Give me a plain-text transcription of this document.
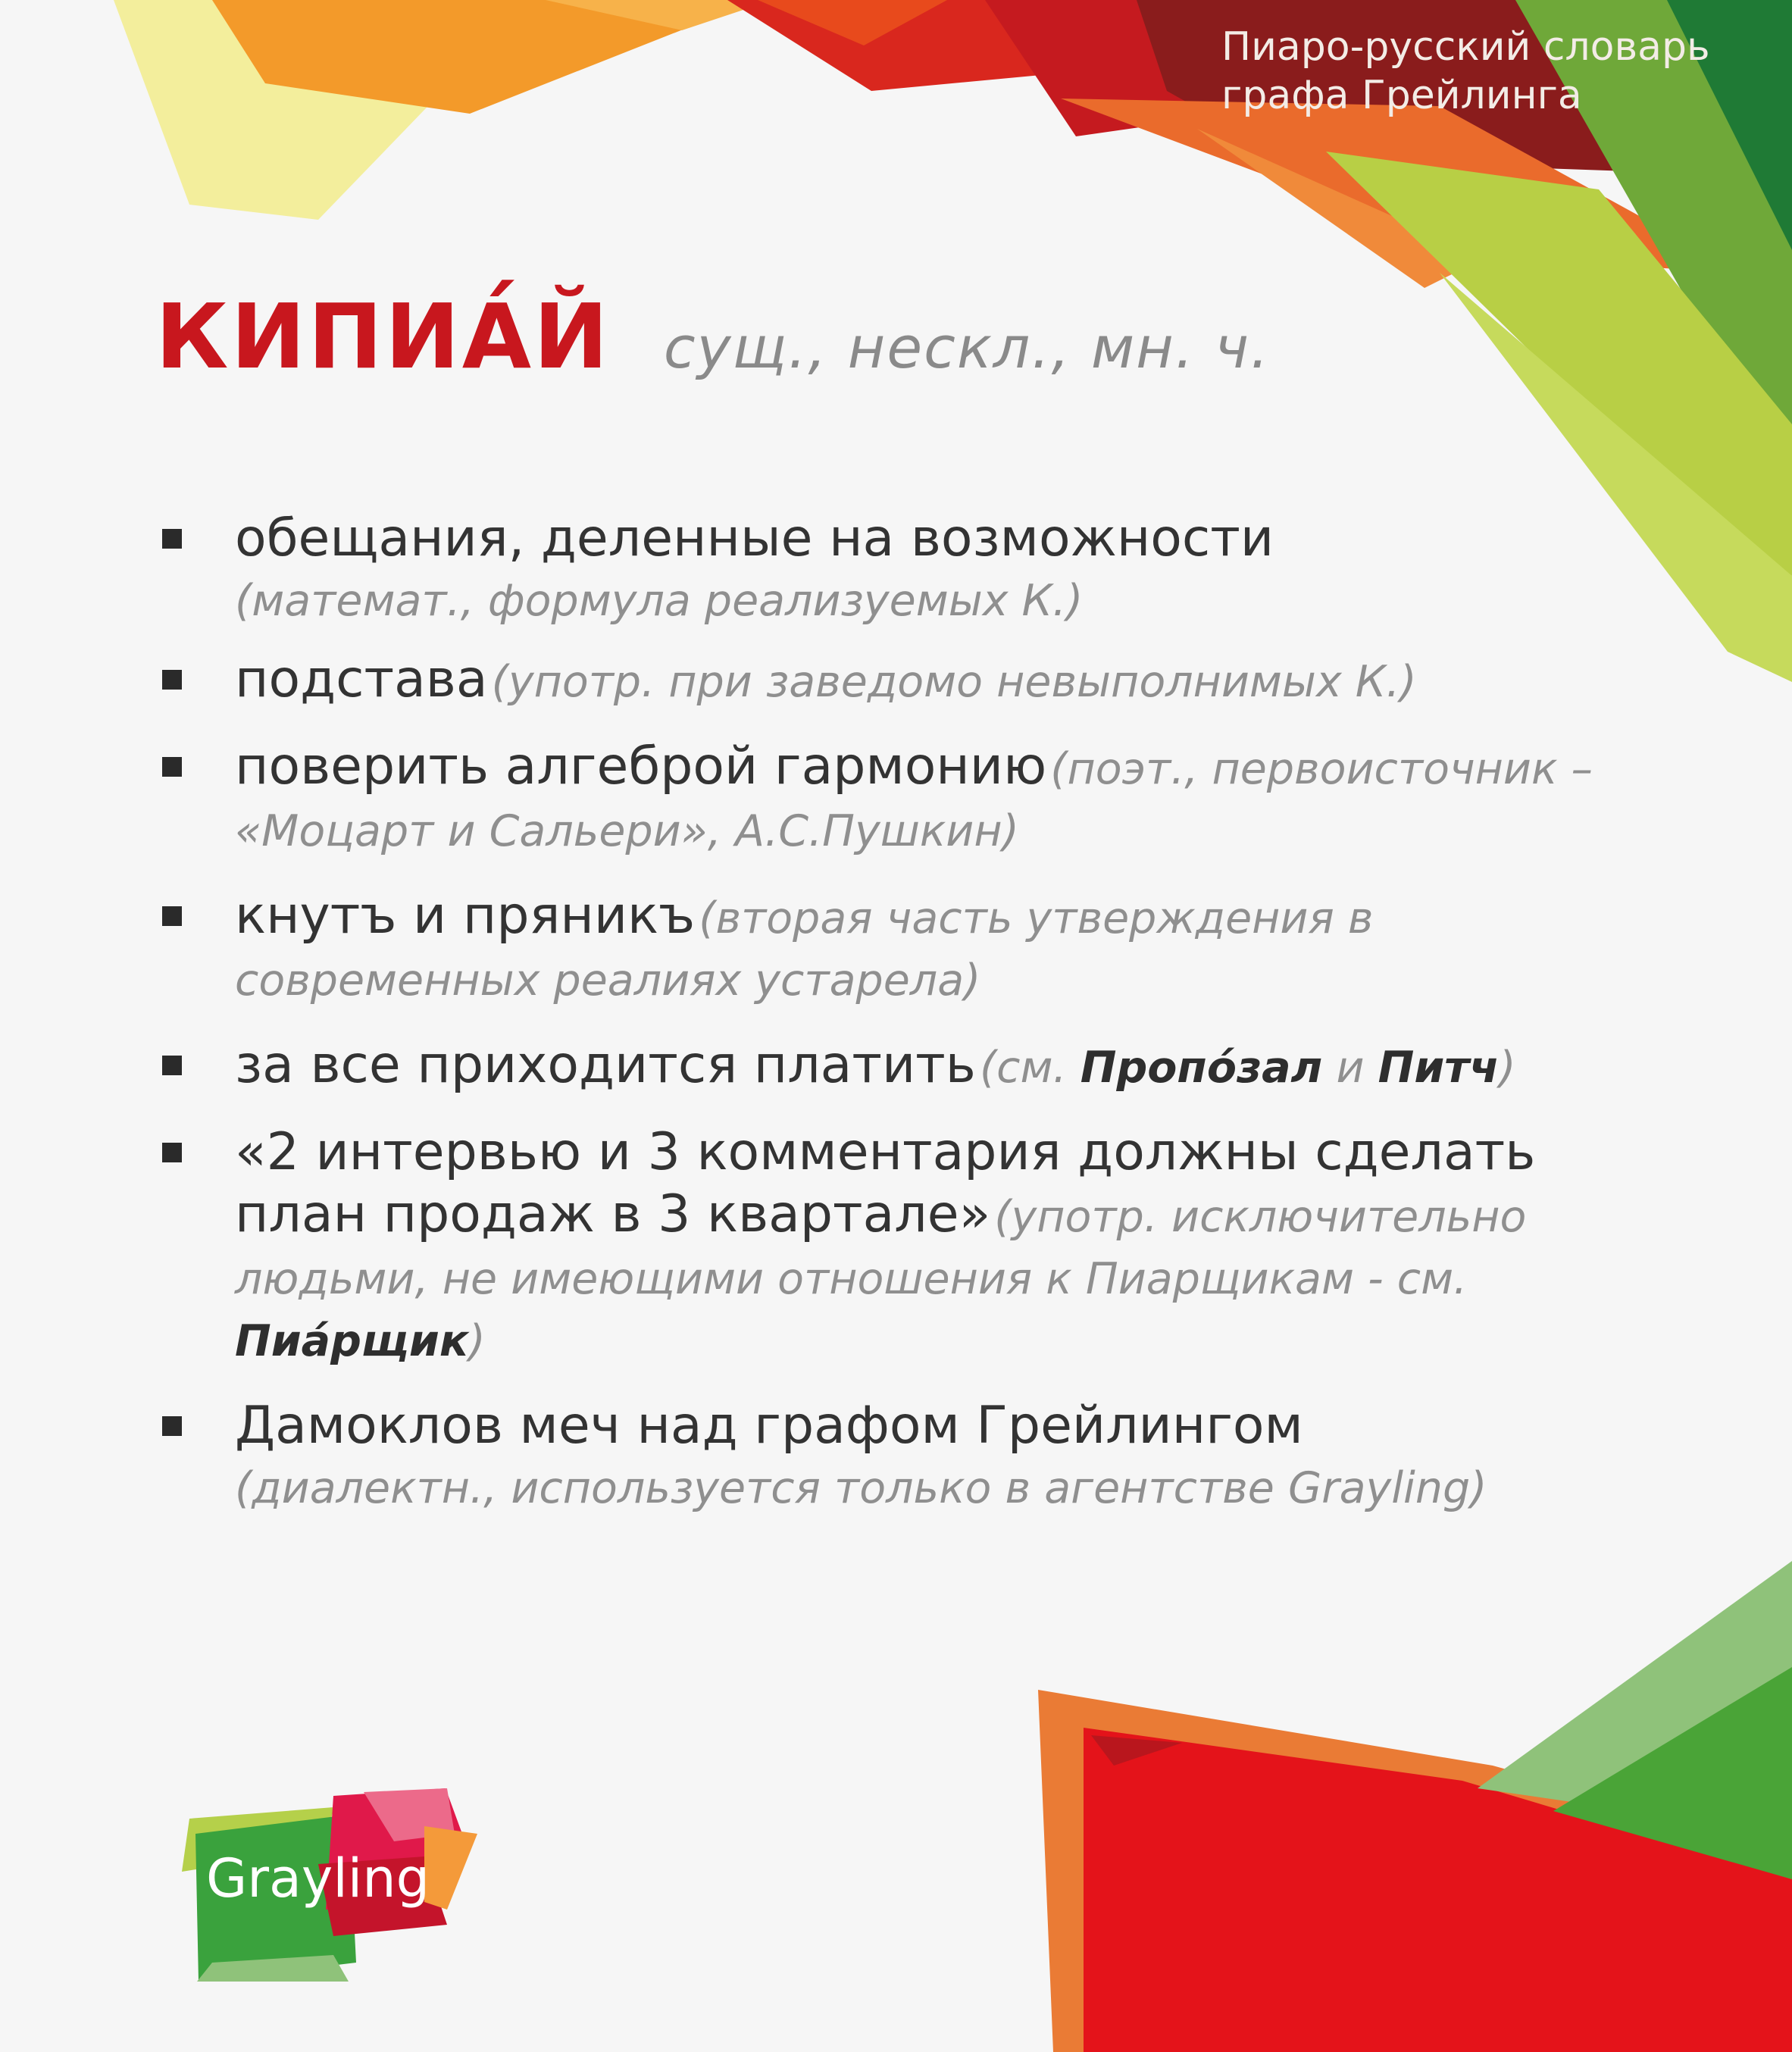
Пиаро-русский словарь
графа Грейлинга
КИПИА́Й сущ., нескл., мн. ч.
обещания, деленные на возможности
(математ., формула реализуемых К.)
подстава (употр. при заведомо невыполнимых К.)
поверить алгеброй гармонию (поэт., первоисточник – «Моцарт и Сальери», А.С.Пушкин)
кнутъ и пряникъ (вторая часть утверждения в современных реалиях устарела)
за все приходится платить (см. Пропо́зал и Питч)
«2 интервью и 3 комментария должны сделать план продаж в 3 квартале» (употр. исключительно людьми, не имеющими отношения к Пиарщикам - см. Пиа́рщик)
Дамоклов меч над графом Грейлингом
(диалектн., используется только в агентстве Grayling)
Grayling
